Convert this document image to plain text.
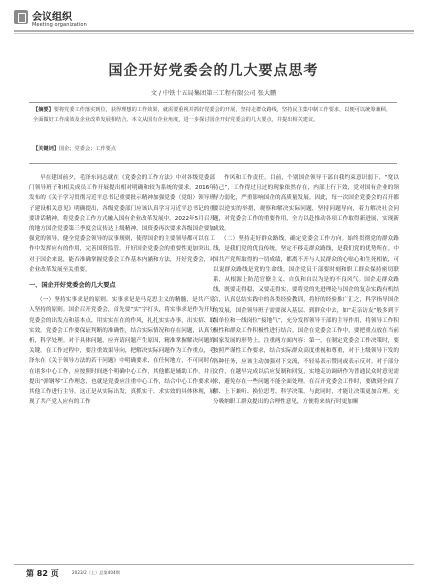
会议组织
Meeting organization
国企开好党委会的几大要点思考
文 / 中铁十五局集团第三工程有限公司 张大鹏

【摘要】要将党委工作落实到位，获得理想的工作效果，就需要重视并抓好党委会的开展，坚持走群众路线，坚持民主集中制工作要求，以便可以统筹兼顾、全面做好工作成效及企业改革发展相结合。本文从国有企业角度，进一步探讨国企开好党委会的几大要点，并提出相关建议。

【关键词】国企；党委会；工作要点

早在建国前夕，毛泽东同志就在《党委会的工作方法》中对各级党委部门领导班子和相关成员工作开展提出相对明确和较为系统的要求。2016年发布的《关于学习贯彻习近平总书记重要批示精神加强党委（党组）领导班子建设相关意见》明确提出，各级党委部门应该认真学习习近平总书记的重要讲话精神，将党委会工作方式融入国有企业改革发展中。2022年5月召开的地方国企党委第三季度会议传达上级精神，国资委再次要求各级国企要加强党的领导，健全党委会领导的议事规则，使得国企的主要领导都可以在工作中发挥应有的作用，完善国资监管。开好国企党委会的重要性更加突出。对于国企来说，能否准确掌握党委会工作基本内涵和方法，开好党委会，对企业改革发展至关重要。

一、国企开好党委会的几大要点

（一）坚持实事求是的原则。实事求是是马克思主义的精髓，是共产党人坚持的原则。国企召开党委会，首先要“实”字打头，将实事求是作为开好党委会的出发点和基本点，用实实在在的作风，扎扎实实办事，出实招、取实效。党委会工作要保证判断的准确性，结合实际情况和存在问题，认真分析，科学处理。对于具体问题，应齐请问题产生原因，精准掌握解决问题的关键。在工作过程中，要注重效果导向，把解决实际问题作为工作重点，毛泽东在《关于领导方法的若干问题》中明确要求，在任何地方，不可同时存在诸多中心工作，应按照时间逐个明确中心工作，其他都是辅助工作，并且提出“弹钢琴”工作理念，也就是党委应注重中心工作，结合中心工作要求对其他工作进行主导。这正是从实际出发，真抓实干，求实效的具体体现，展现了共产党人应有的工作

作风和工作责任。目前，个别国企领导干部自我约束意识弱下，“宽以待己”，工作得过且过的现象依然存在，内部上行下效，党对国有企业的领导力弱化，严重影响国企的高质量发展。因此，每一次国企党委会的召开都要以逆实的举措，观察和解决实际问题，坚持问题导向，着力解决社会问题，对党委会工作的重要作用，全力以赴推动各项工作取得新进展，实现新成效。

（二）坚持走好群众路线，确定党委会工作方向。始终贯彻党的群众路线，是我们党的优良传统，坚定不移走群众路线，是我们党的优势所在。中国共产党所取得的一切成绩，都离不开与人民群众的心贴心和生死相依，可以说群众路线是党的生命线。国企党员干部要时刻和职工群众保持密切联系，从根源上防范官僚主义、自负和自以为是的不良风气。国企走群众路线，既要走得稳，又要走得实，要将党的先进理论与国企的复杂实践有机结合，认真总结实践中的各类经验教训，将好的经验推广汇之，科学指导国企的发展，国企领导班子需要深入基层、到群众中去，如“走亲访友”般多到下级单位和一线岗位“接地气”，充分发挥领导干部的主导作用，将领导工作积极性和群众工作积极性进行结合。国企在党委会工作中，要把重点放在当前国家发展的形势上，注重两方面内容：第一，在制定党委会工作决策时，要按照严谨性工作要求，结合实际群众高度重视和尊重，对于上级领导下发的各种任务，应该主动加强对下交流，不轻易表示赞同或表示反对。对于部分文件，在越早完成以后应复制和回复，实地走访调研作为普通民众时意见需求，避免存在一些问题不能全面处理。在召开党委会工作时，要做到全面了解、上下兼听、换位思考、科学决策。与此同时，才能让决策更加合理。充分吸纳职工群众提出的合理性意见，方便将来执行时更加顺

第 82 页	2023/2（上）总第404期
